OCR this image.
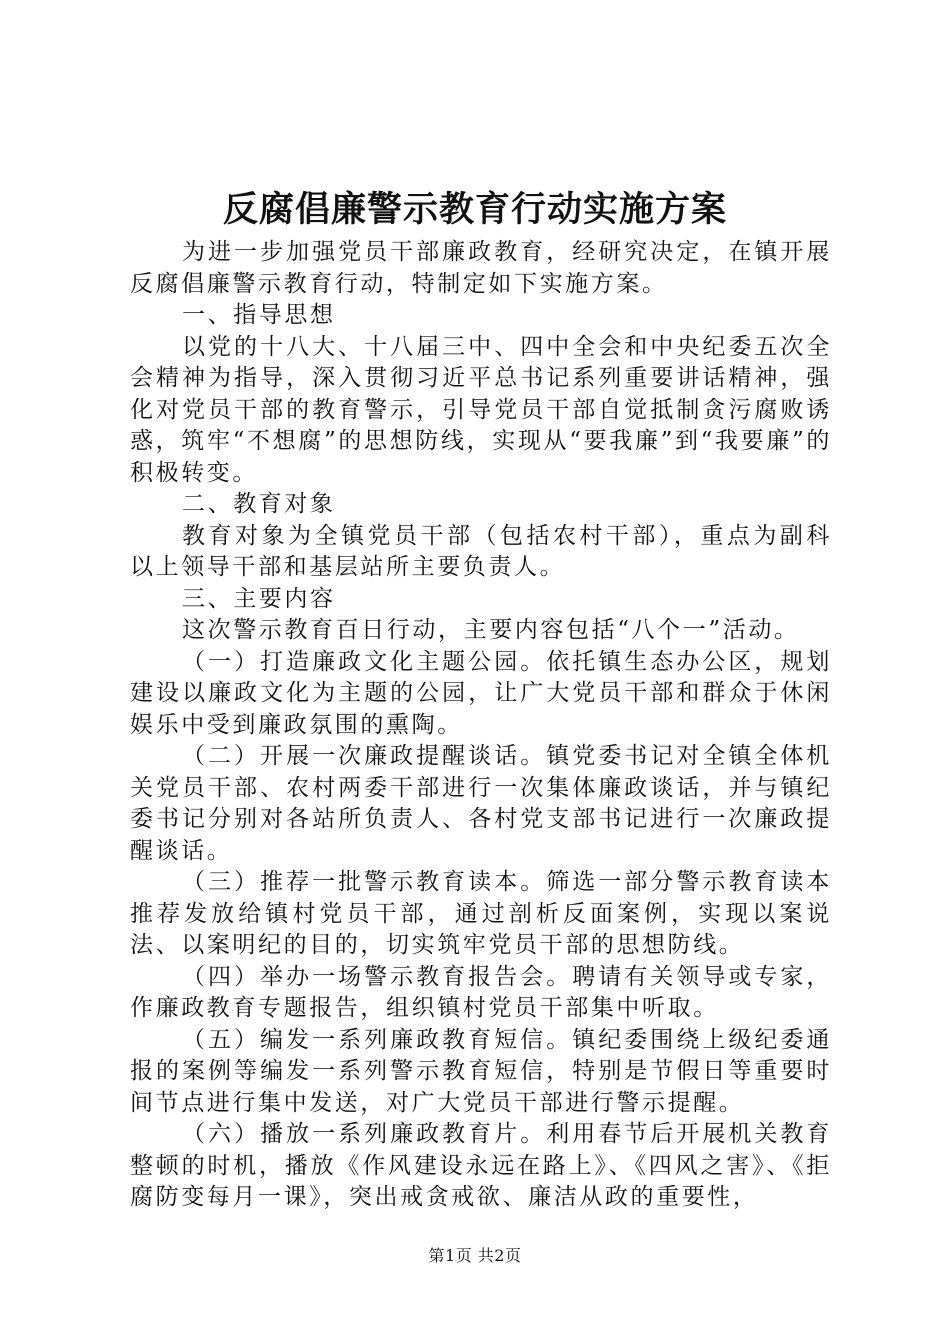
反腐倡廉警示教育行动实施方案

为进一步加强党员干部廉政教育，经研究决定，在镇开展反腐倡廉警示教育行动，特制定如下实施方案。

一、指导思想

以党的十八大、十八届三中、四中全会和中央纪委五次全会精神为指导，深入贯彻习近平总书记系列重要讲话精神，强化对党员干部的教育警示，引导党员干部自觉抵制贪污腐败诱惑，筑牢“不想腐”的思想防线，实现从“要我廉”到“我要廉”的积极转变。

二、教育对象

教育对象为全镇党员干部（包括农村干部），重点为副科以上领导干部和基层站所主要负责人。

三、主要内容

这次警示教育百日行动，主要内容包括“八个一”活动。

（一）打造廉政文化主题公园。依托镇生态办公区，规划建设以廉政文化为主题的公园，让广大党员干部和群众于休闲娱乐中受到廉政氛围的熏陶。

（二）开展一次廉政提醒谈话。镇党委书记对全镇全体机关党员干部、农村两委干部进行一次集体廉政谈话，并与镇纪委书记分别对各站所负责人、各村党支部书记进行一次廉政提醒谈话。

（三）推荐一批警示教育读本。筛选一部分警示教育读本推荐发放给镇村党员干部，通过剖析反面案例，实现以案说法、以案明纪的目的，切实筑牢党员干部的思想防线。

（四）举办一场警示教育报告会。聘请有关领导或专家，作廉政教育专题报告，组织镇村党员干部集中听取。

（五）编发一系列廉政教育短信。镇纪委围绕上级纪委通报的案例等编发一系列警示教育短信，特别是节假日等重要时间节点进行集中发送，对广大党员干部进行警示提醒。

（六）播放一系列廉政教育片。利用春节后开展机关教育整顿的时机，播放《作风建设永远在路上》、《四风之害》、《拒腐防变每月一课》，突出戒贪戒欲、廉洁从政的重要性，

第1页 共2页
